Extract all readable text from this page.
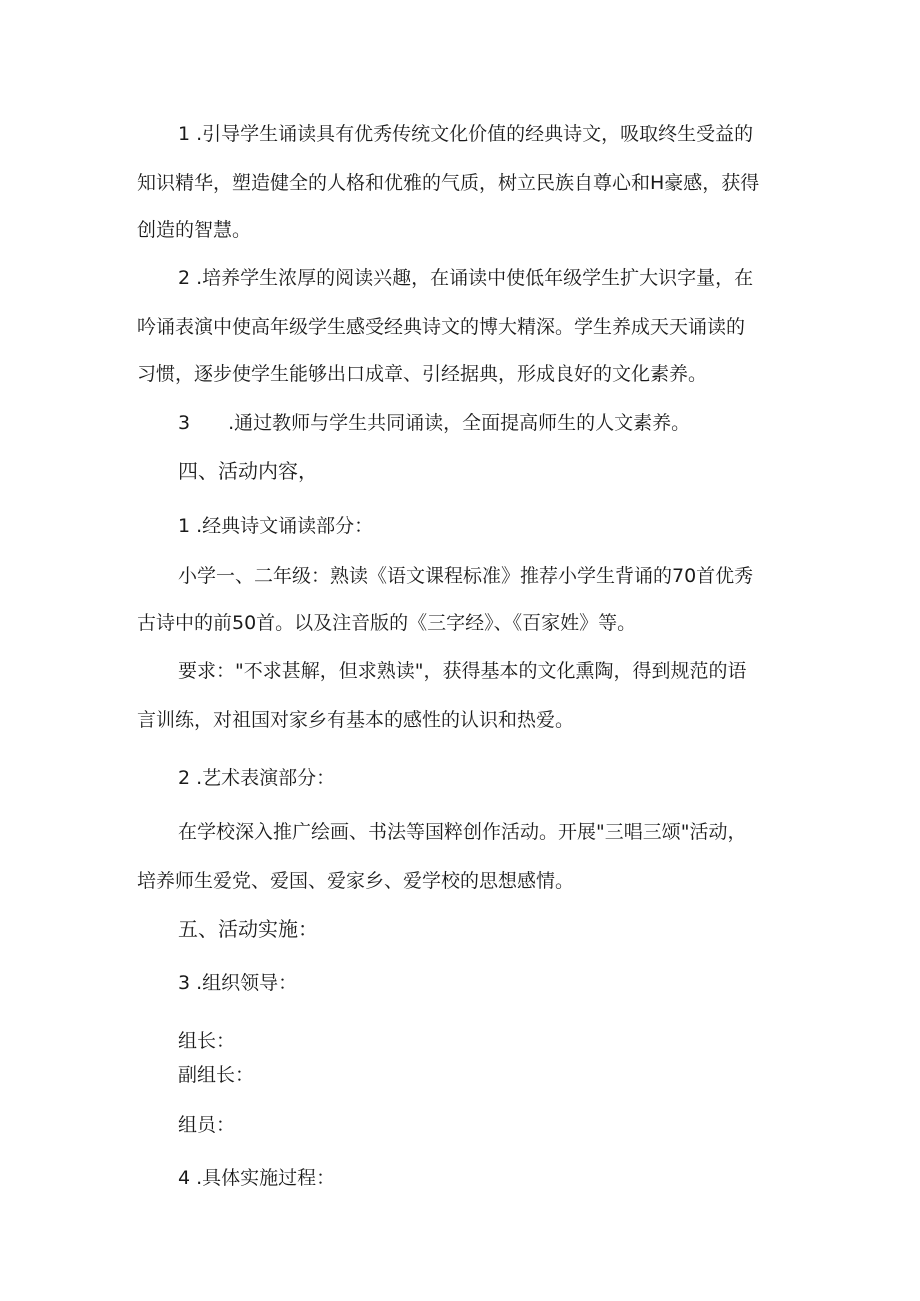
1 .引导学生诵读具有优秀传统文化价值的经典诗文，吸取终生受益的

知识精华，塑造健全的人格和优雅的气质，树立民族自尊心和H豪感，获得

创造的智慧。

2 .培养学生浓厚的阅读兴趣，在诵读中使低年级学生扩大识字量，在

吟诵表演中使高年级学生感受经典诗文的博大精深。学生养成天天诵读的

习惯，逐步使学生能够出口成章、引经据典，形成良好的文化素养。

3　　.通过教师与学生共同诵读，全面提高师生的人文素养。

四、活动内容，

1 .经典诗文诵读部分：

小学一、二年级：熟读《语文课程标准》推荐小学生背诵的70首优秀

古诗中的前50首。以及注音版的《三字经》、《百家姓》等。

要求："不求甚解，但求熟读"，获得基本的文化熏陶，得到规范的语

言训练，对祖国对家乡有基本的感性的认识和热爱。

2 .艺术表演部分：

在学校深入推广绘画、书法等国粹创作活动。开展"三唱三颂"活动，

培养师生爱党、爱国、爱家乡、爱学校的思想感情。

五、活动实施：

3 .组织领导：

组长：

副组长：

组员：

4 .具体实施过程：
